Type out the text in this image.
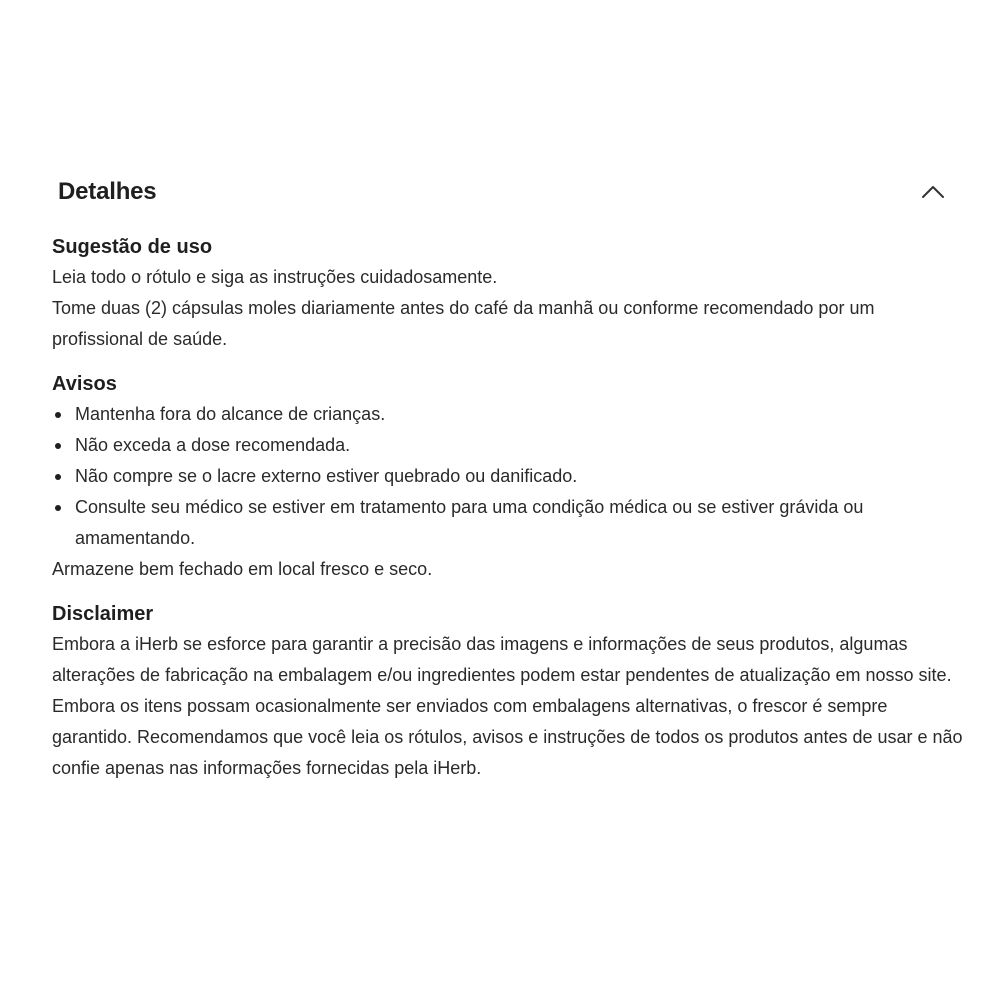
Detalhes

Sugestão de uso

Leia todo o rótulo e siga as instruções cuidadosamente.

Tome duas (2) cápsulas moles diariamente antes do café da manhã ou conforme recomendado por um profissional de saúde.

Avisos

Mantenha fora do alcance de crianças.
Não exceda a dose recomendada.
Não compre se o lacre externo estiver quebrado ou danificado.
Consulte seu médico se estiver em tratamento para uma condição médica ou se estiver grávida ou amamentando.

Armazene bem fechado em local fresco e seco.

Disclaimer

Embora a iHerb se esforce para garantir a precisão das imagens e informações de seus produtos, algumas alterações de fabricação na embalagem e/ou ingredientes podem estar pendentes de atualização em nosso site. Embora os itens possam ocasionalmente ser enviados com embalagens alternativas, o frescor é sempre garantido. Recomendamos que você leia os rótulos, avisos e instruções de todos os produtos antes de usar e não confie apenas nas informações fornecidas pela iHerb.
